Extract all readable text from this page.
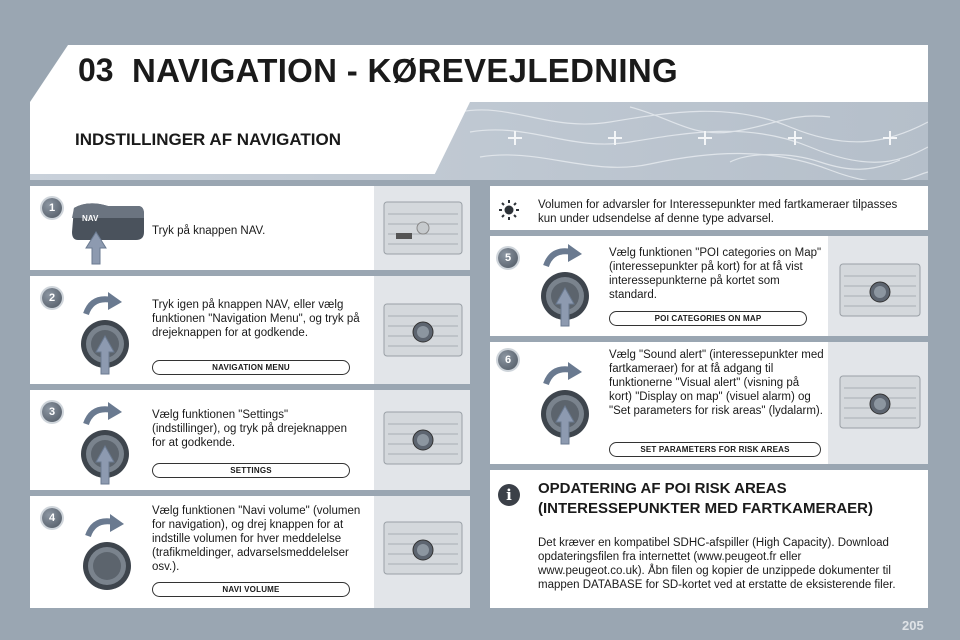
03 NAVIGATION - KØREVEJLEDNING
INDSTILLINGER AF NAVIGATION
1
NAV
Tryk på knappen NAV.
2
Tryk igen på knappen NAV, eller vælg funktionen "Navigation Menu", og tryk på drejeknappen for at godkende.
NAVIGATION MENU
3	Vælg funktionen "Settings" (indstillinger), og tryk på drejeknappen for at godkende.
SETTINGS
4
Vælg funktionen "Navi volume" (volumen for navigation), og drej knappen for at indstille volumen for hver meddelelse (trafikmeldinger, advarselsmeddelelser osv.).
NAVI VOLUME
Volumen for advarsler for Interessepunkter med fartkameraer tilpasses kun under udsendelse af denne type advarsel.
5	Vælg funktionen "POI categories on Map" (interessepunkter på kort) for at få vist interessepunkterne på kortet som standard.
POI CATEGORIES ON MAP
6	Vælg "Sound alert" (interessepunkter med fartkameraer) for at få adgang til funktionerne "Visual alert" (visning på kort) "Display on map" (visuel alarm) og "Set parameters for risk areas" (lydalarm).
SET PARAMETERS FOR RISK AREAS
i	OPDATERING AF POI RISK AREAS
(INTERESSEPUNKTER MED FARTKAMERAER)
Det kræver en kompatibel SDHC-afspiller (High Capacity). Download opdateringsfilen fra internettet (www.peugeot.fr eller www.peugeot.co.uk). Åbn filen og kopier de unzippede dokumenter til mappen DATABASE for SD-kortet ved at erstatte de eksisterende filer.
205
